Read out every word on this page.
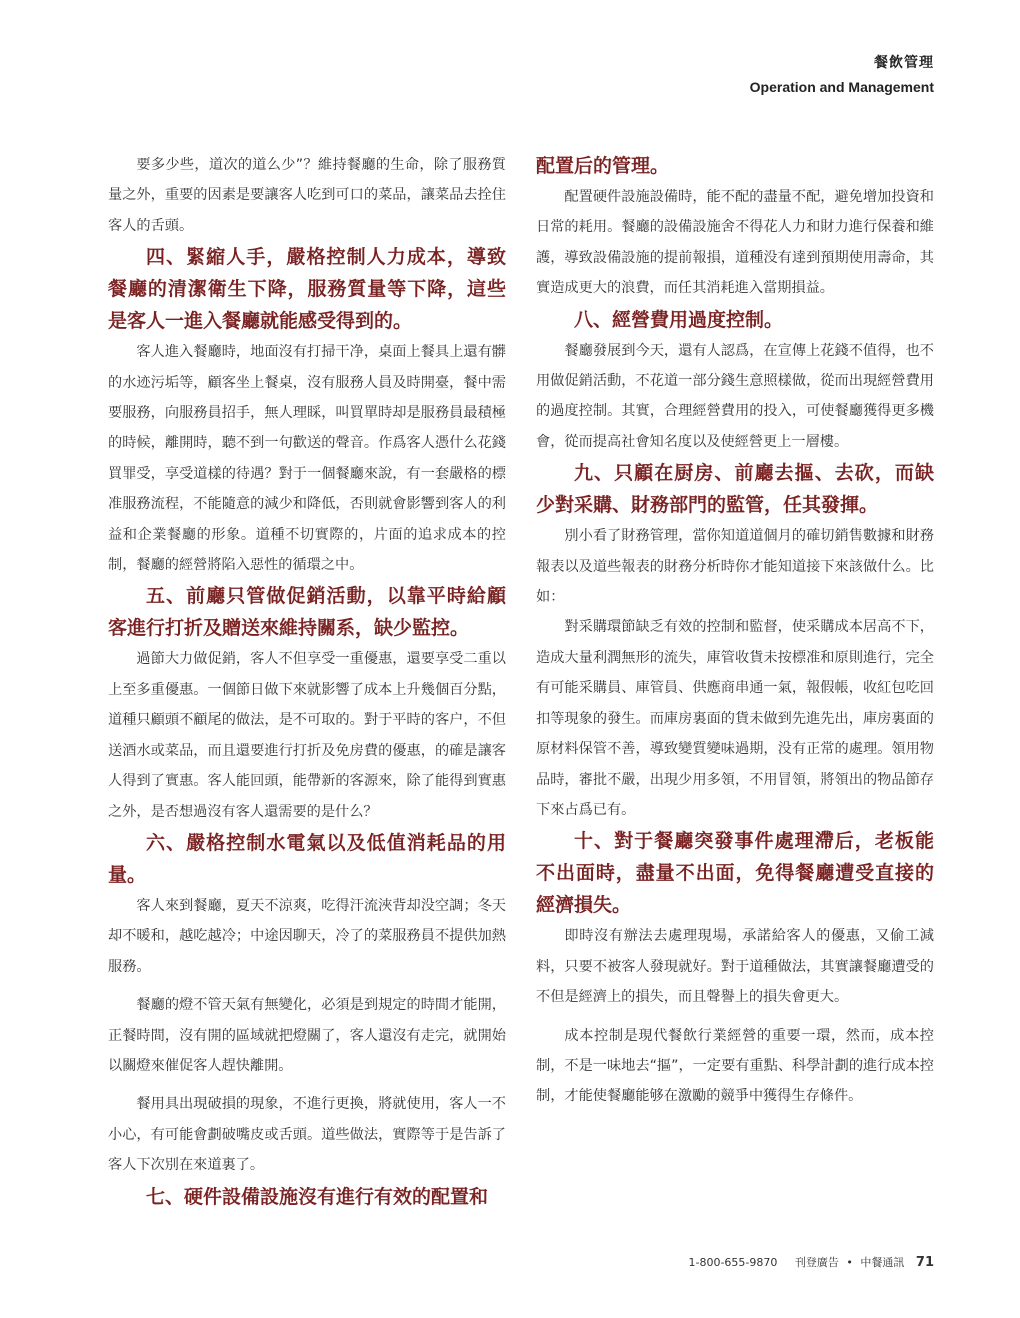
餐飲管理
Operation and Management

要多少些，道次的道么少”？維持餐廳的生命，除了服務質量之外，重要的因素是要讓客人吃到可口的菜品，讓菜品去拴住客人的舌頭。

四、緊縮人手，嚴格控制人力成本，導致餐廳的清潔衛生下降，服務質量等下降，這些是客人一進入餐廳就能感受得到的。

客人進入餐廳時，地面沒有打掃干净，桌面上餐具上還有髒的水迹污垢等，顧客坐上餐桌，沒有服務人員及時開臺，餐中需要服務，向服務員招手，無人理睬，叫買單時却是服務員最積極的時候，離開時，聽不到一句歡送的聲音。作爲客人憑什么花錢買罪受，享受道樣的待遇？對于一個餐廳來說，有一套嚴格的標准服務流程，不能隨意的減少和降低，否則就會影響到客人的利益和企業餐廳的形象。道種不切實際的，片面的追求成本的控制，餐廳的經營將陷入惡性的循環之中。

五、前廳只管做促銷活動，以靠平時給顧客進行打折及贈送來維持關系，缺少監控。

過節大力做促銷，客人不但享受一重優惠，還要享受二重以上至多重優惠。一個節日做下來就影響了成本上升幾個百分點，道種只顧頭不顧尾的做法，是不可取的。對于平時的客户，不但送酒水或菜品，而且還要進行打折及免房費的優惠，的確是讓客人得到了實惠。客人能回頭，能帶新的客源來，除了能得到實惠之外，是否想過沒有客人還需要的是什么？

六、嚴格控制水電氣以及低值消耗品的用量。

客人來到餐廳，夏天不涼爽，吃得汗流浹背却没空調；冬天却不暖和，越吃越冷；中途因聊天，冷了的菜服務員不提供加熱服務。

餐廳的燈不管天氣有無變化，必須是到規定的時間才能開，正餐時間，沒有開的區域就把燈關了，客人還沒有走完，就開始以關燈來催促客人趕快離開。

餐用具出現破損的現象，不進行更換，將就使用，客人一不小心，有可能會劃破嘴皮或舌頭。道些做法，實際等于是告訴了客人下次別在來道裏了。

七、硬件設備設施沒有進行有效的配置和

配置后的管理。

配置硬件設施設備時，能不配的盡量不配，避免增加投資和日常的耗用。餐廳的設備設施舍不得花人力和財力進行保養和維護，導致設備設施的提前報損，道種没有達到預期使用壽命，其實造成更大的浪費，而任其消耗進入當期損益。

八、經營費用過度控制。

餐廳發展到今天，還有人認爲，在宣傳上花錢不值得，也不用做促銷活動，不花道一部分錢生意照樣做，從而出現經營費用的過度控制。其實，合理經營費用的投入，可使餐廳獲得更多機會，從而提高社會知名度以及使經營更上一層樓。

九、只顧在厨房、前廳去摳、去砍，而缺少對采購、財務部門的監管，任其發揮。

別小看了財務管理，當你知道道個月的確切銷售數據和財務報表以及道些報表的財務分析時你才能知道接下來該做什么。比如：

對采購環節缺乏有效的控制和監督，使采購成本居高不下，造成大量利潤無形的流失，庫管收貨未按標准和原則進行，完全有可能采購員、庫管員、供應商串通一氣，報假帳，收紅包吃回扣等現象的發生。而庫房裏面的貨未做到先進先出，庫房裏面的原材料保管不善，導致變質變味過期，没有正常的處理。領用物品時，審批不嚴，出現少用多領，不用冒領，將領出的物品節存下來占爲已有。

十、對于餐廳突發事件處理滯后，老板能不出面時，盡量不出面，免得餐廳遭受直接的經濟損失。

即時沒有辦法去處理現場，承諾給客人的優惠，又偷工減料，只要不被客人發現就好。對于道種做法，其實讓餐廳遭受的不但是經濟上的損失，而且聲譽上的損失會更大。

成本控制是現代餐飲行業經營的重要一環，然而，成本控制，不是一味地去“摳”，一定要有重點、科學計劃的進行成本控制，才能使餐廳能够在激勵的競爭中獲得生存條件。

1-800-655-9870 刊登廣告 • 中餐通訊 71
